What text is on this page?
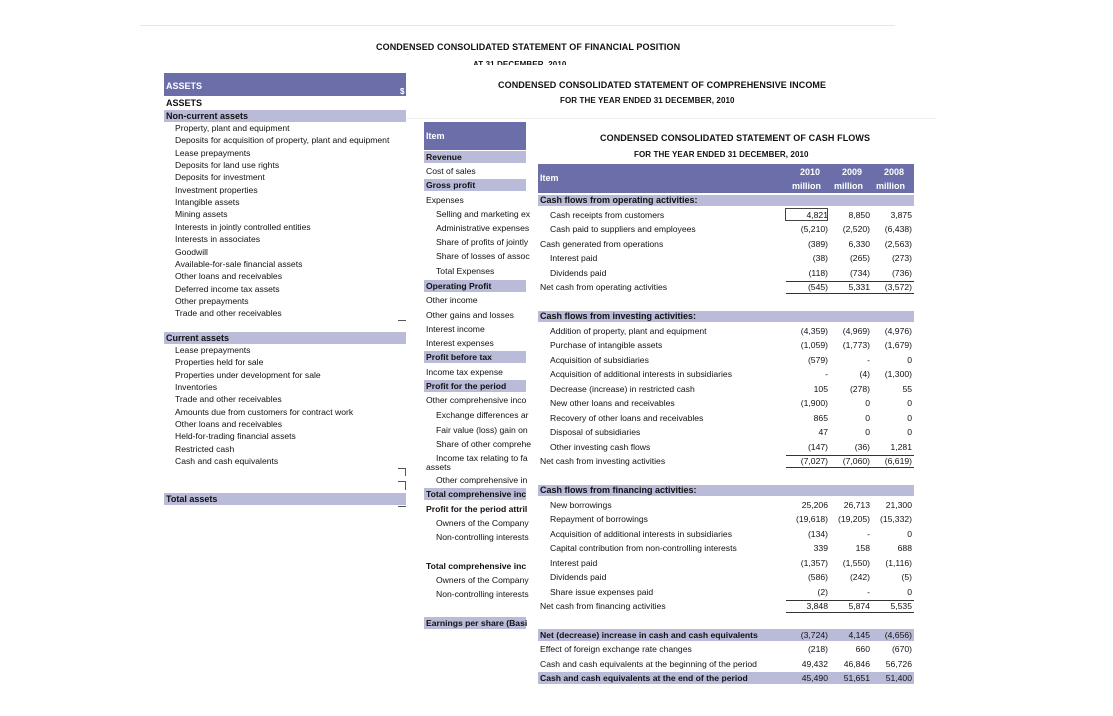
CONDENSED CONSOLIDATED STATEMENT OF FINANCIAL POSITION
ASSETS
$
ASSETS
Non-current assets
Property, plant and equipment
Deposits for acquisition of property, plant and equipment
Lease prepayments
Deposits for land use rights
Deposits for investment
Investment properties
Intangible assets
Mining assets
Interests in jointly controlled entities
Interests in associates
Goodwill
Available-for-sale financial assets
Other loans and receivables
Deferred income tax assets
Other prepayments
Trade and other receivables
Current assets
Lease prepayments
Properties held for sale
Properties under development for sale
Inventories
Trade and other receivables
Amounts due from customers for contract work
Other loans and receivables
Held-for-trading financial assets
Restricted cash
Cash and cash equivalents
Total assets
CONDENSED CONSOLIDATED STATEMENT OF COMPREHENSIVE INCOME
FOR THE YEAR ENDED 31 DECEMBER, 2010
Item
Revenue
Cost of sales
Gross profit
Expenses
Selling and marketing ex
Administrative expenses
Share of profits of jointly
Share of losses of assoc
Total Expenses
Operating Profit
Other income
Other gains and losses
Interest income
Interest expenses
Profit before tax
Income tax expense
Profit for the period
Other comprehensive inco
Exchange differences ar
Fair value (loss) gain on
Share of other comprehe
Income tax relating to fa
assets
Other comprehensive in
Total comprehensive inc
Profit for the period attril
Owners of the Company
Non-controlling interests
Total comprehensive inc
Owners of the Company
Non-controlling interests
Earnings per share (Basi
CONDENSED CONSOLIDATED STATEMENT OF CASH FLOWS
FOR THE YEAR ENDED 31 DECEMBER, 2010
Item
2010 2009 2008
million million million
Cash flows from operating activities:
Cash receipts from customers	4,821	8,850	3,875
Cash paid to suppliers and employees	(5,210)	(2,520)	(6,438)
Cash generated from operations	(389)	6,330	(2,563)
Interest paid	(38)	(265)	(273)
Dividends paid	(118)	(734)	(736)
Net cash from operating activities	(545)	5,331	(3,572)
Cash flows from investing activities:
Addition of property, plant and equipment	(4,359)	(4,969)	(4,976)
Purchase of intangible assets	(1,059)	(1,773)	(1,679)
Acquisition of subsidiaries	(579)	-	0
Acquisition of additional interests in subsidiaries	-	(4)	(1,300)
Decrease (increase) in restricted cash	105	(278)	55
New other loans and receivables	(1,900)	0	0
Recovery of other loans and receivables	865	0	0
Disposal of subsidiaries	47	0	0
Other investing cash flows	(147)	(36)	1,281
Net cash from investing activities	(7,027)	(7,060)	(6,619)
Cash flows from financing activities:
New borrowings	25,206	26,713	21,300
Repayment of borrowings	(19,618)	(19,205)	(15,332)
Acquisition of additional interests in subsidiaries	(134)	-	0
Capital contribution from non-controlling interests	339	158	688
Interest paid	(1,357)	(1,550)	(1,116)
Dividends paid	(586)	(242)	(5)
Share issue expenses paid	(2)	-	0
Net cash from financing activities	3,848	5,874	5,535
Net (decrease) increase in cash and cash equivalents	(3,724)	4,145	(4,656)
Effect of foreign exchange rate changes	(218)	660	(670)
Cash and cash equivalents at the beginning of the period	49,432	46,846	56,726
Cash and cash equivalents at the end of the period	45,490	51,651	51,400
